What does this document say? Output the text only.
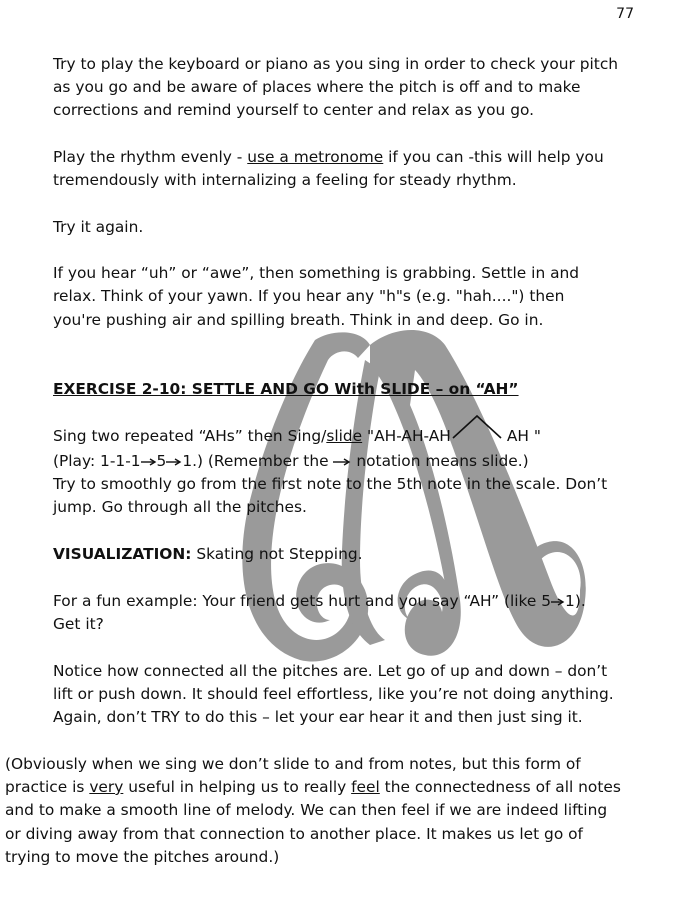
77

Try to play the keyboard or piano as you sing in order to check your pitch

as you go and be aware of places where the pitch is off and to make

corrections and remind yourself to center and relax as you go.

Play the rhythm evenly - use a metronome if you can -this will help you

tremendously with internalizing a feeling for steady rhythm.

Try it again.

If you hear “uh” or “awe”, then something is grabbing. Settle in and

relax. Think of your yawn. If you hear any "h"s (e.g. "hah....") then

you're pushing air and spilling breath. Think in and deep. Go in.

EXERCISE 2-10: SETTLE AND GO With SLIDE – on “AH”

Sing two repeated “AHs” then Sing/slide "AH-AH-AH	AH "

(Play: 1-1-1 5 1.) (Remember the
notation means slide.)

Try to smoothly go from the first note to the 5th note in the scale. Don’t

jump. Go through all the pitches.

VISUALIZATION: Skating not Stepping.

For a fun example: Your friend gets hurt and you say “AH” (like 5 1).

Get it?

Notice how connected all the pitches are. Let go of up and down – don’t

lift or push down. It should feel effortless, like you’re not doing anything.

Again, don’t TRY to do this – let your ear hear it and then just sing it.

(Obviously when we sing we don’t slide to and from notes, but this form of

practice is very useful in helping us to really feel the connectedness of all notes

and to make a smooth line of melody. We can then feel if we are indeed lifting

or diving away from that connection to another place. It makes us let go of

trying to move the pitches around.)
